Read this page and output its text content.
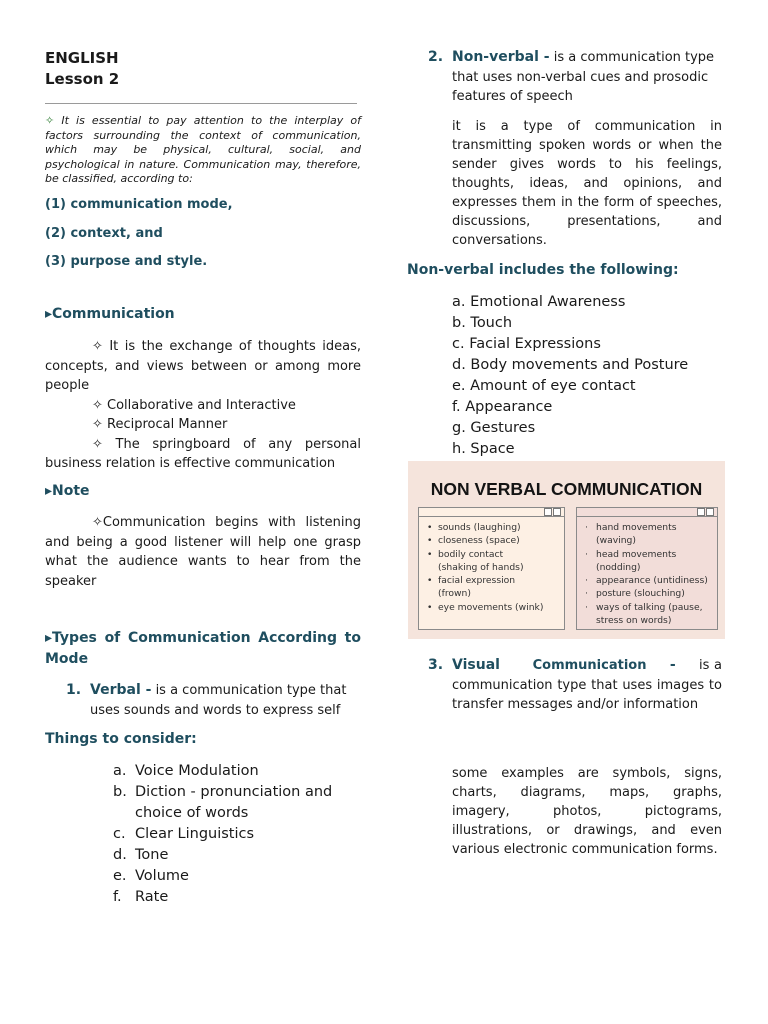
ENGLISH
Lesson 2
✧ It is essential to pay attention to the interplay of factors surrounding the context of communication, which may be physical, cultural, social, and psychological in nature. Communication may, therefore, be classified, according to:
(1) communication mode,
(2) context, and
(3) purpose and style.
▸Communication
✧ It is the exchange of thoughts ideas, concepts, and views between or among more people
✧ Collaborative and Interactive
✧ Reciprocal Manner
✧ The springboard of any personal business relation is effective communication
▸Note
✧Communication begins with listening and being a good listener will help one grasp what the audience wants to hear from the speaker
▸Types of Communication According to Mode
1. Verbal - is a communication type that uses sounds and words to express self
Things to consider:
a. Voice Modulation
b. Diction - pronunciation and choice of words
c. Clear Linguistics
d. Tone
e. Volume
f. Rate
2. Non-verbal - is a communication type that uses non-verbal cues and prosodic features of speech
it is a type of communication in transmitting spoken words or when the sender gives words to his feelings, thoughts, ideas, and opinions, and expresses them in the form of speeches, discussions, presentations, and conversations.
Non-verbal includes the following:
a. Emotional Awareness
b. Touch
c. Facial Expressions
d. Body movements and Posture
e. Amount of eye contact
f. Appearance
g. Gestures
h. Space
NON VERBAL COMMUNICATION
• sounds (laughing)
• closeness (space)
• bodily contact
(shaking of hands)
• facial expression
(frown)
• eye movements (wink)
· hand movements
(waving)
· head movements
(nodding)
· appearance (untidiness)
· posture (slouching)
· ways of talking (pause,
stress on words)
3. Visual	Communication - is a communication type that uses images to transfer messages and/or information
some examples are symbols, signs, charts, diagrams, maps, graphs, imagery, photos, pictograms, illustrations, or drawings, and even various electronic communication forms.
